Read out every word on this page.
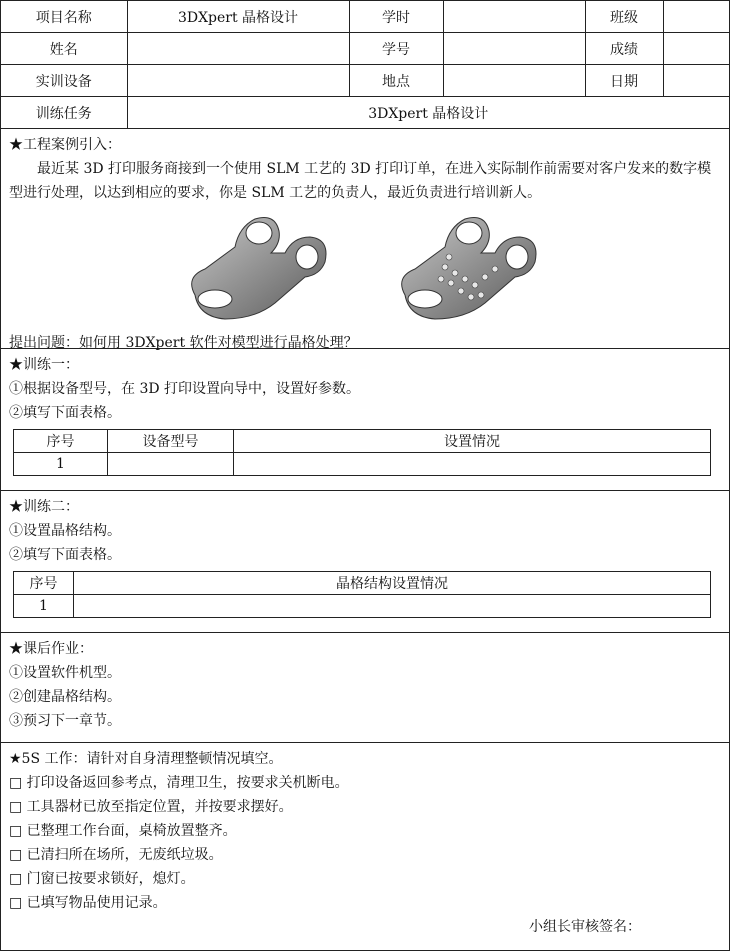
项目名称	3DXpert 晶格设计	学时		班级	
姓名		学号		成绩	
实训设备		地点		日期	
训练任务	3DXpert 晶格设计				
★工程案例引入：
最近某 3D 打印服务商接到一个使用 SLM 工艺的 3D 打印订单，在进入实际制作前需要对客户发来的数字模型进行处理，以达到相应的要求，你是 SLM 工艺的负责人，最近负责进行培训新人。
提出问题：如何用 3DXpert 软件对模型进行晶格处理？
★训练一：
①根据设备型号，在 3D 打印设置向导中，设置好参数。
②填写下面表格。
序号	设备型号	设置情况
1		
★训练二：
①设置晶格结构。
②填写下面表格。
序号	晶格结构设置情况
1	
★课后作业：
①设置软件机型。
②创建晶格结构。
③预习下一章节。
★5S 工作：请针对自身清理整顿情况填空。
□ 打印设备返回参考点，清理卫生，按要求关机断电。
□ 工具器材已放至指定位置，并按要求摆好。
□ 已整理工作台面，桌椅放置整齐。
□ 已清扫所在场所，无废纸垃圾。
□ 门窗已按要求锁好，熄灯。
□ 已填写物品使用记录。
小组长审核签名：
